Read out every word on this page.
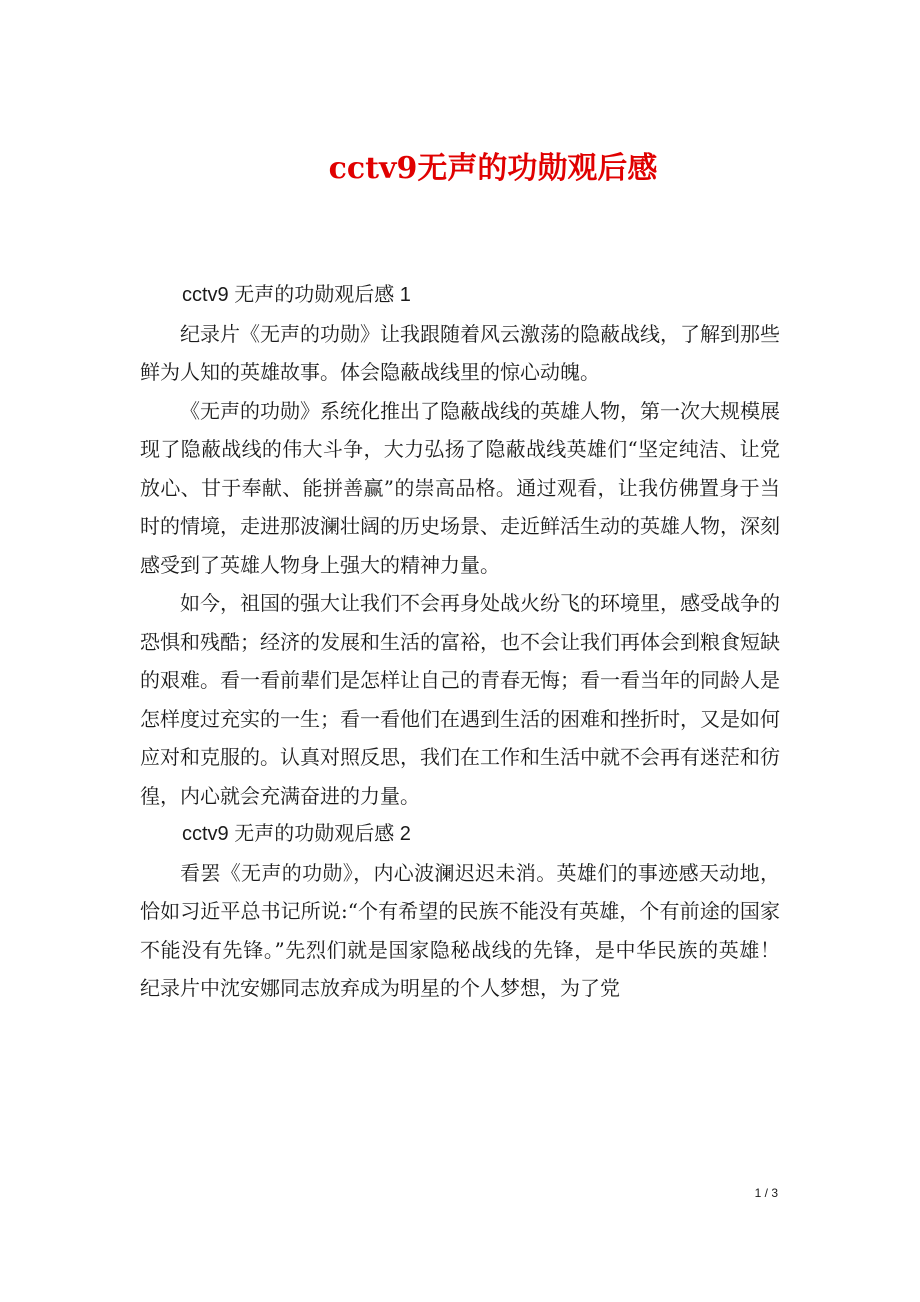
cctv9无声的功勋观后感

cctv9 无声的功勋观后感 1

纪录片《无声的功勋》让我跟随着风云激荡的隐蔽战线，了解到那些鲜为人知的英雄故事。体会隐蔽战线里的惊心动魄。

《无声的功勋》系统化推出了隐蔽战线的英雄人物，第一次大规模展现了隐蔽战线的伟大斗争，大力弘扬了隐蔽战线英雄们“坚定纯洁、让党放心、甘于奉献、能拼善赢”的崇高品格。通过观看，让我仿佛置身于当时的情境，走进那波澜壮阔的历史场景、走近鲜活生动的英雄人物，深刻感受到了英雄人物身上强大的精神力量。

如今，祖国的强大让我们不会再身处战火纷飞的环境里，感受战争的恐惧和残酷；经济的发展和生活的富裕，也不会让我们再体会到粮食短缺的艰难。看一看前辈们是怎样让自己的青春无悔；看一看当年的同龄人是怎样度过充实的一生；看一看他们在遇到生活的困难和挫折时，又是如何应对和克服的。认真对照反思，我们在工作和生活中就不会再有迷茫和彷徨，内心就会充满奋进的力量。

cctv9 无声的功勋观后感 2

看罢《无声的功勋》，内心波澜迟迟未消。英雄们的事迹感天动地，恰如习近平总书记所说:“个有希望的民族不能没有英雄，个有前途的国家不能没有先锋。”先烈们就是国家隐秘战线的先锋，是中华民族的英雄！纪录片中沈安娜同志放弃成为明星的个人梦想，为了党

1 / 3
